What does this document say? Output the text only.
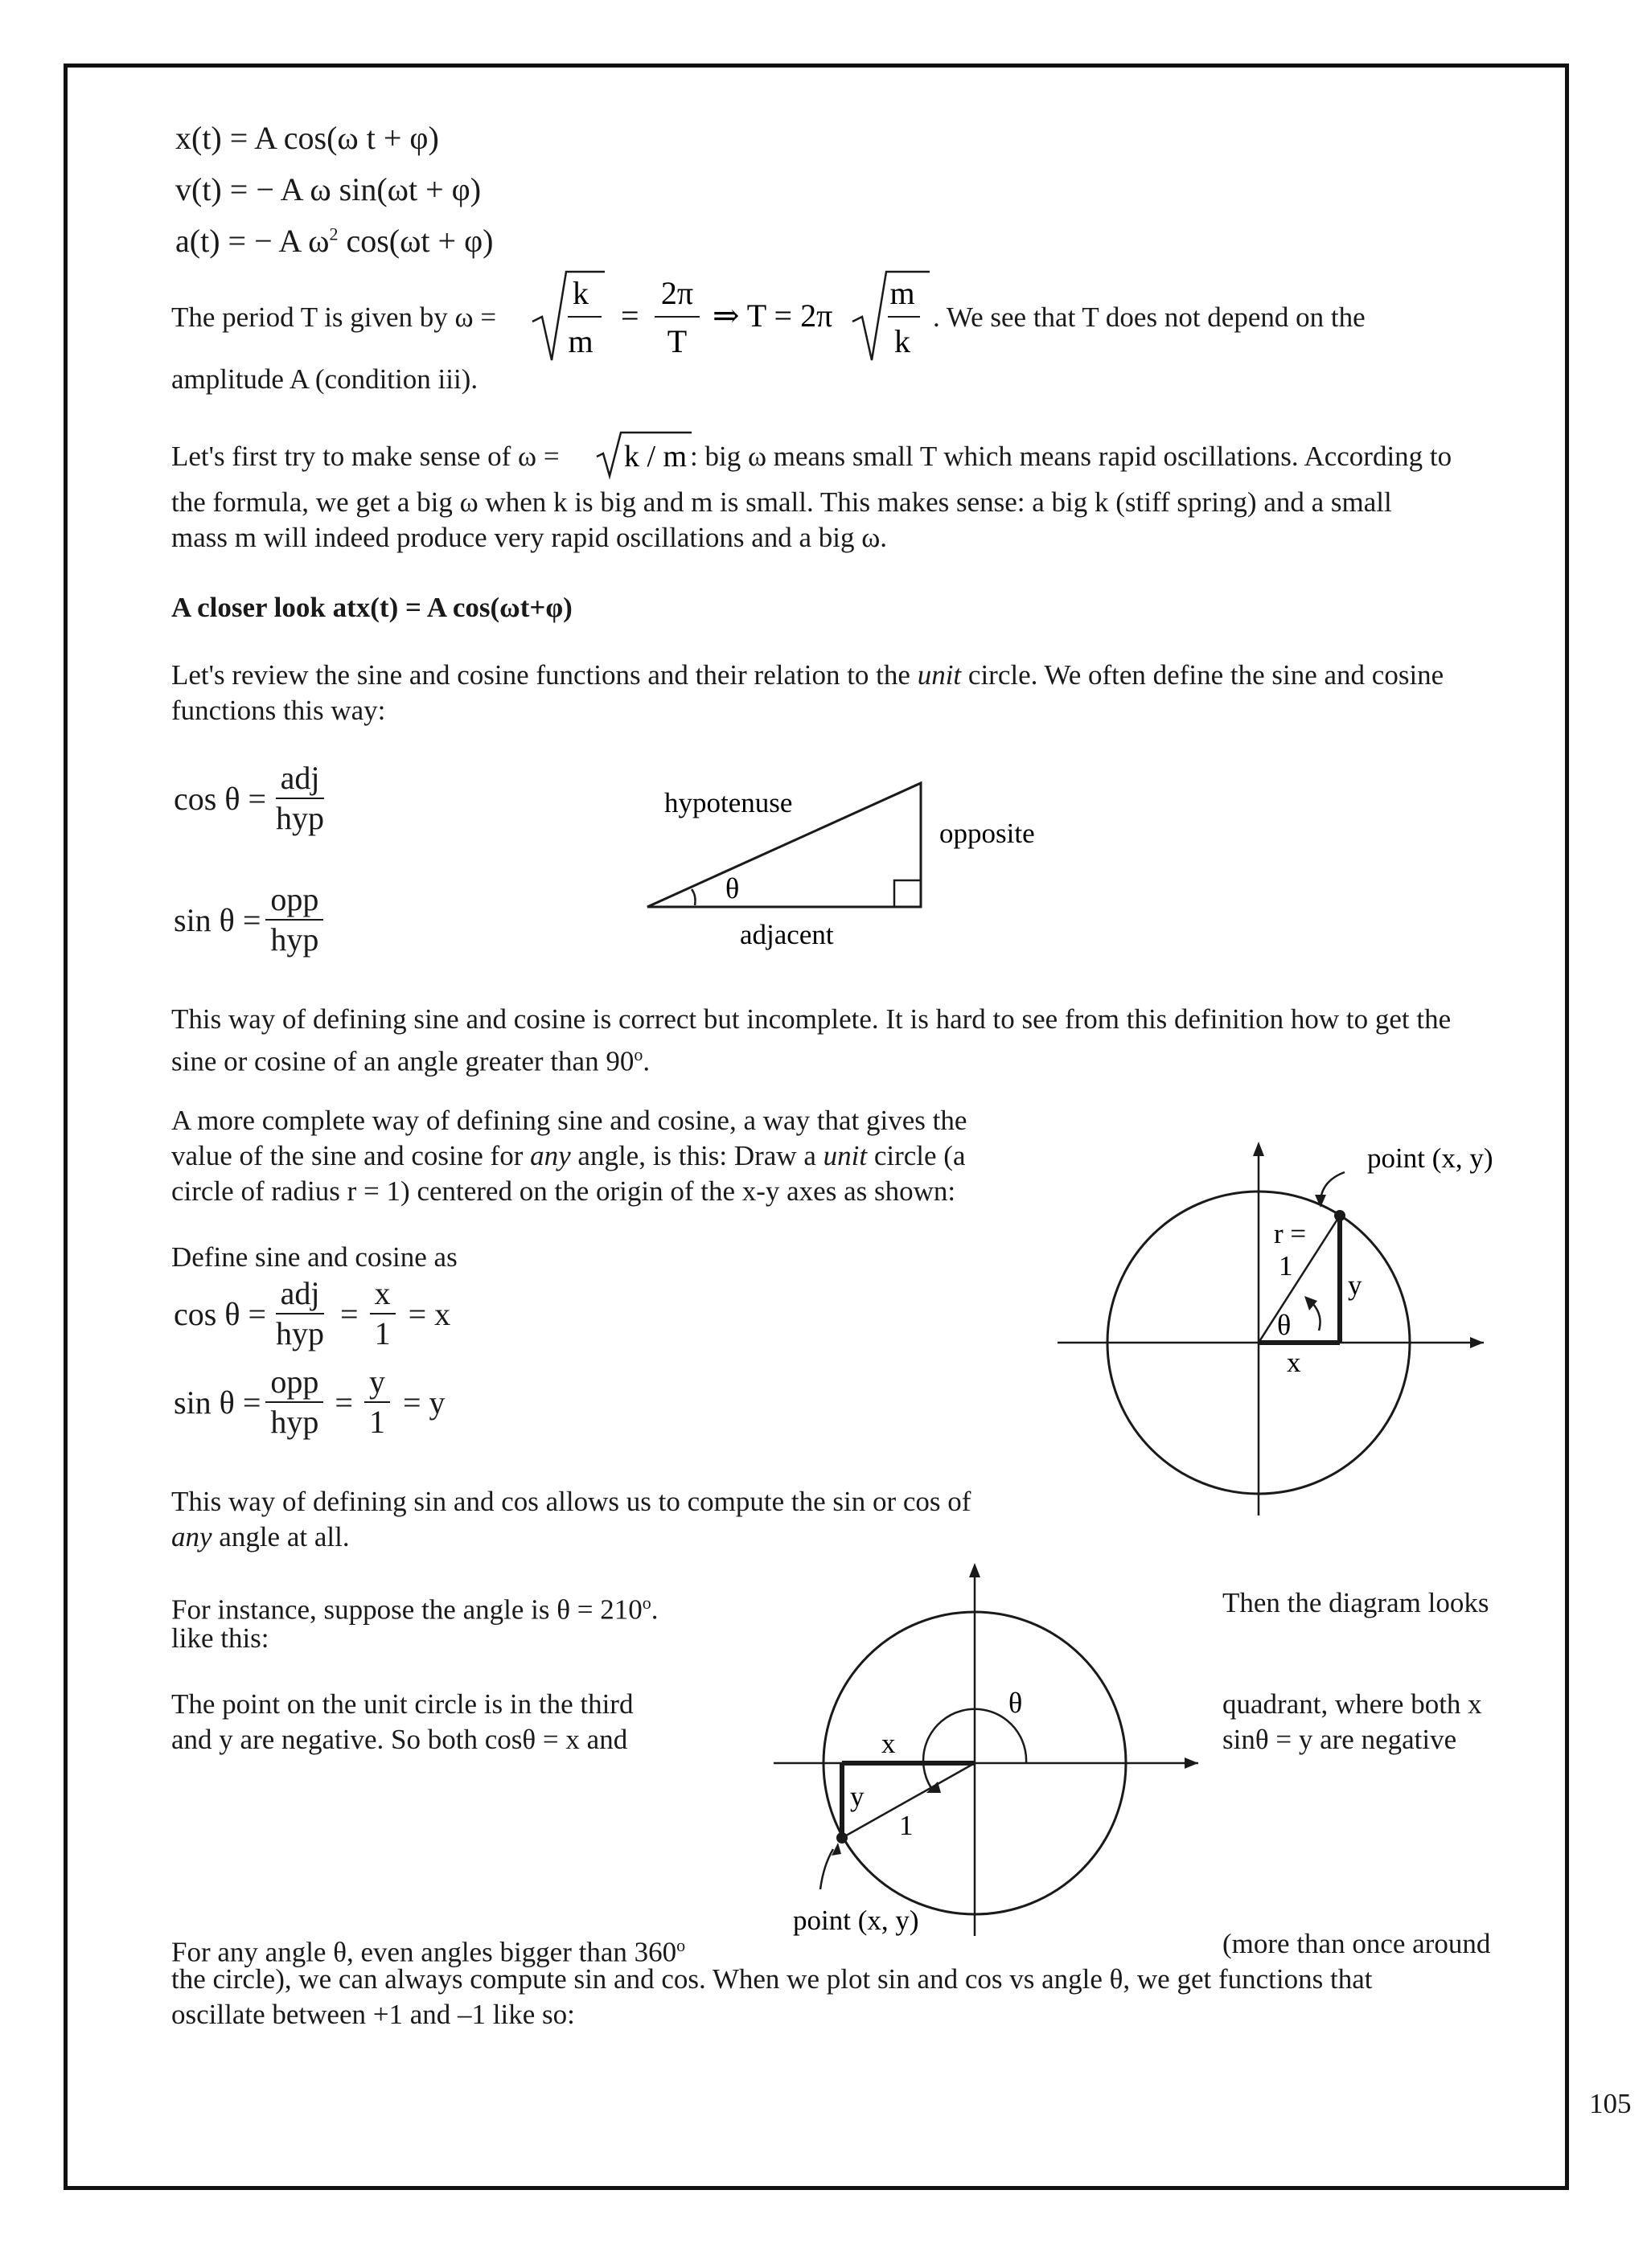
x(t) = A cos(ω t + φ)
v(t) = − A ω sin(ωt + φ)
a(t) = − A $\omega^2$ cos(ωt + φ)
The period T is given by ω =
k
m
=
2π
T
⇒ T = 2π
m
k
. We see that T does not depend on the
amplitude A (condition iii).
Let's first try to make sense of ω = k / m : big ω means small T which means rapid oscillations. According to
the formula, we get a big ω when k is big and m is small. This makes sense: a big k (stiff spring) and a small
mass m will indeed produce very rapid oscillations and a big ω.
A closer look atx(t) = A cos(ωt+φ)
Let's review the sine and cosine functions and their relation to the unit circle. We often define the sine and cosine
functions this way:
$\cos \theta = \frac{\text{adj}}{\text{hyp}}$
$\sin \theta = \frac{\text{opp}}{\text{hyp}}$
hypotenuse
opposite
adjacent
θ
This way of defining sine and cosine is correct but incomplete. It is hard to see from this definition how to get the
sine or cosine of an angle greater than 90$^o$.
A more complete way of defining sine and cosine, a way that gives the
value of the sine and cosine for any angle, is this: Draw a unit circle (a
circle of radius r = 1) centered on the origin of the x-y axes as shown:
Define sine and cosine as
$\cos \theta = \frac{\text{adj}}{\text{hyp}} = \frac{x}{1} = x$
$\sin \theta = \frac{\text{opp}}{\text{hyp}} = \frac{y}{1} = y$
point (x, y)
r =
1
y
x
θ
This way of defining sin and cos allows us to compute the sin or cos of
any angle at all.
For instance, suppose the angle is $\theta = 210^o$.	Then the diagram looks
like this:
The point on the unit circle is in the third	quadrant, where both x
and y are negative. So both cosθ = x and	sinθ = y are negative
θ
x
y
1
point (x, y)
For any angle θ, even angles bigger than 360$^o$	(more than once around
the circle), we can always compute sin and cos. When we plot sin and cos vs angle θ, we get functions that
oscillate between +1 and –1 like so:
105
